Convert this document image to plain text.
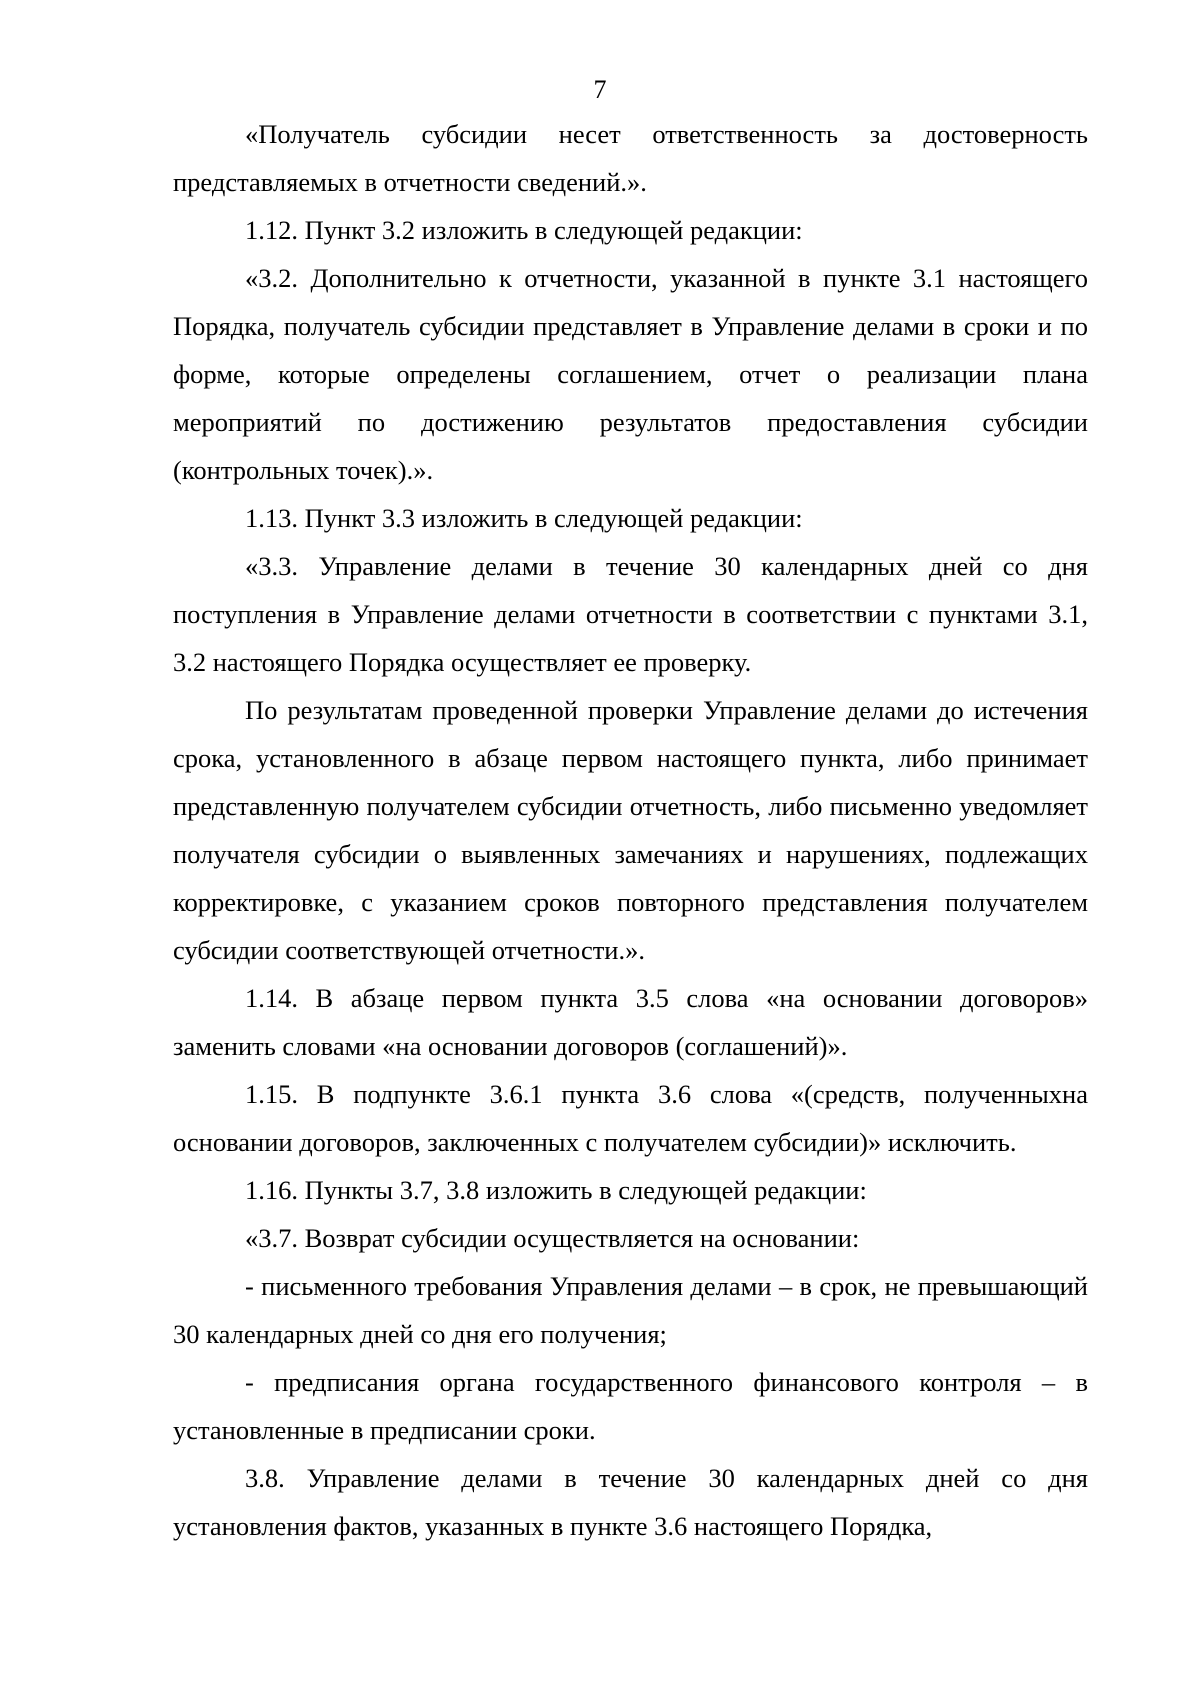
7

«Получатель субсидии несет ответственность за достоверность представляемых в отчетности сведений.».

1.12. Пункт 3.2 изложить в следующей редакции:

«3.2. Дополнительно к отчетности, указанной в пункте 3.1 настоящего Порядка, получатель субсидии представляет в Управление делами в сроки и по форме, которые определены соглашением, отчет о реализации плана мероприятий по достижению результатов предоставления субсидии (контрольных точек).».

1.13. Пункт 3.3 изложить в следующей редакции:

«3.3. Управление делами в течение 30 календарных дней со дня поступления в Управление делами отчетности в соответствии с пунктами 3.1, 3.2 настоящего Порядка осуществляет ее проверку.

По результатам проведенной проверки Управление делами до истечения срока, установленного в абзаце первом настоящего пункта, либо принимает представленную получателем субсидии отчетность, либо письменно уведомляет получателя субсидии о выявленных замечаниях и нарушениях, подлежащих корректировке, с указанием сроков повторного представления получателем субсидии соответствующей отчетности.».

1.14. В абзаце первом пункта 3.5 слова «на основании договоров» заменить словами «на основании договоров (соглашений)».

1.15. В подпункте 3.6.1 пункта 3.6 слова «(средств, полученныхна основании договоров, заключенных с получателем субсидии)» исключить.

1.16. Пункты 3.7, 3.8 изложить в следующей редакции:

«3.7. Возврат субсидии осуществляется на основании:

- письменного требования Управления делами – в срок, не превышающий 30 календарных дней со дня его получения;

- предписания органа государственного финансового контроля – в установленные в предписании сроки.

3.8. Управление делами в течение 30 календарных дней со дня установления фактов, указанных в пункте 3.6 настоящего Порядка,
